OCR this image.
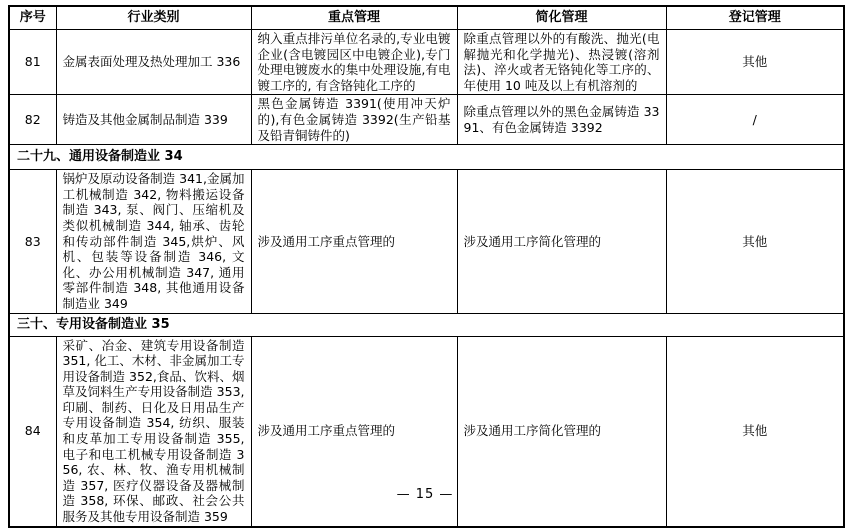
序号	行业类别	重点管理	简化管理	登记管理
81	金属表面处理及热处理加工 336	纳入重点排污单位名录的,专业电镀企业(含电镀园区中电镀企业),专门处理电镀废水的集中处理设施,有电镀工序的, 有含铬钝化工序的	除重点管理以外的有酸洗、抛光(电解抛光和化学抛光)、热浸镀(溶剂法)、淬火或者无铬钝化等工序的、年使用 10 吨及以上有机溶剂的	其他
82	铸造及其他金属制品制造 339	黑色金属铸造 3391(使用冲天炉的),有色金属铸造 3392(生产铅基及铅青铜铸件的)	除重点管理以外的黑色金属铸造 3391、有色金属铸造 3392	/
二十九、通用设备制造业 34				
83	锅炉及原动设备制造 341,金属加工机械制造 342, 物料搬运设备制造 343, 泵、阀门、压缩机及类似机械制造 344, 轴承、齿轮和传动部件制造 345,烘炉、风机、包装等设备制造 346, 文化、办公用机械制造 347, 通用零部件制造 348, 其他通用设备制造业 349	涉及通用工序重点管理的	涉及通用工序简化管理的	其他
三十、专用设备制造业 35				
84	采矿、冶金、建筑专用设备制造 351, 化工、木材、非金属加工专用设备制造 352,食品、饮料、烟草及饲料生产专用设备制造 353,印刷、制药、日化及日用品生产专用设备制造 354, 纺织、服装和皮革加工专用设备制造 355, 电子和电工机械专用设备制造 356, 农、林、牧、渔专用机械制造 357, 医疗仪器设备及器械制造 358, 环保、邮政、社会公共服务及其他专用设备制造 359	涉及通用工序重点管理的	涉及通用工序简化管理的	其他
— 15 —
